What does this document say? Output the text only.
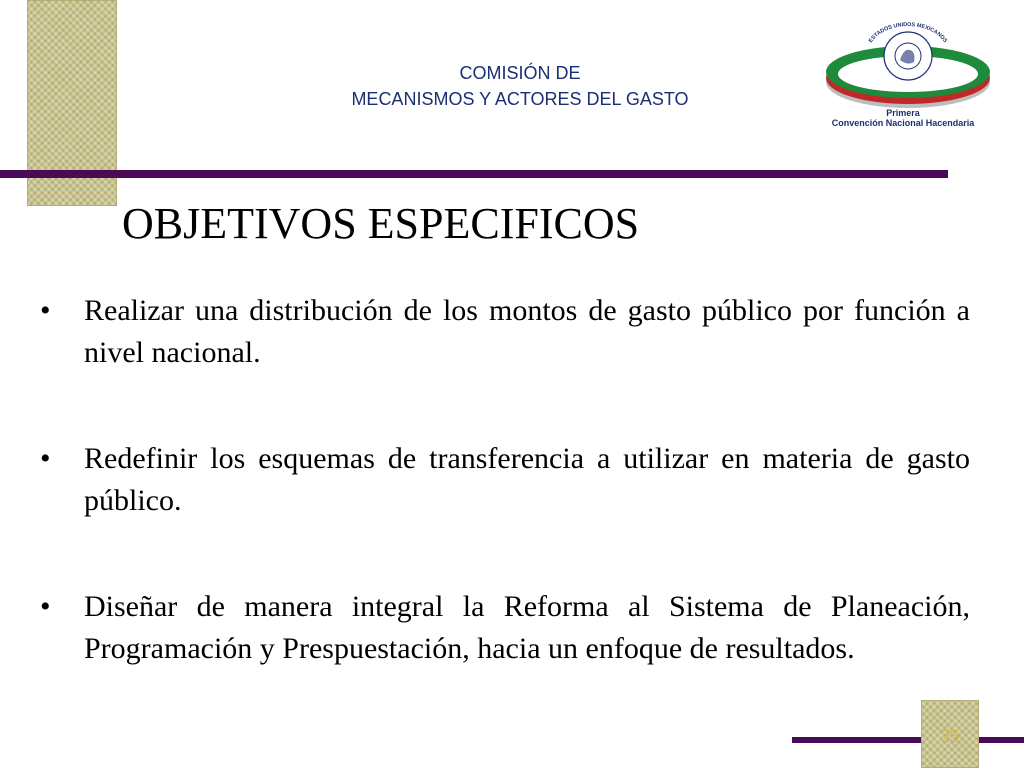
COMISIÓN DE
MECANISMOS Y ACTORES DEL GASTO
ESTADOS UNIDOS MEXICANOS
Primera
Convención Nacional Hacendaria
OBJETIVOS ESPECIFICOS
•	Realizar una distribución de los montos de gasto público por función a nivel nacional.
•	Redefinir los esquemas de transferencia a utilizar en materia de gasto público.
•	Diseñar de manera integral la Reforma al Sistema de Planeación, Programación y Prespuestación, hacia un enfoque de resultados.
25
